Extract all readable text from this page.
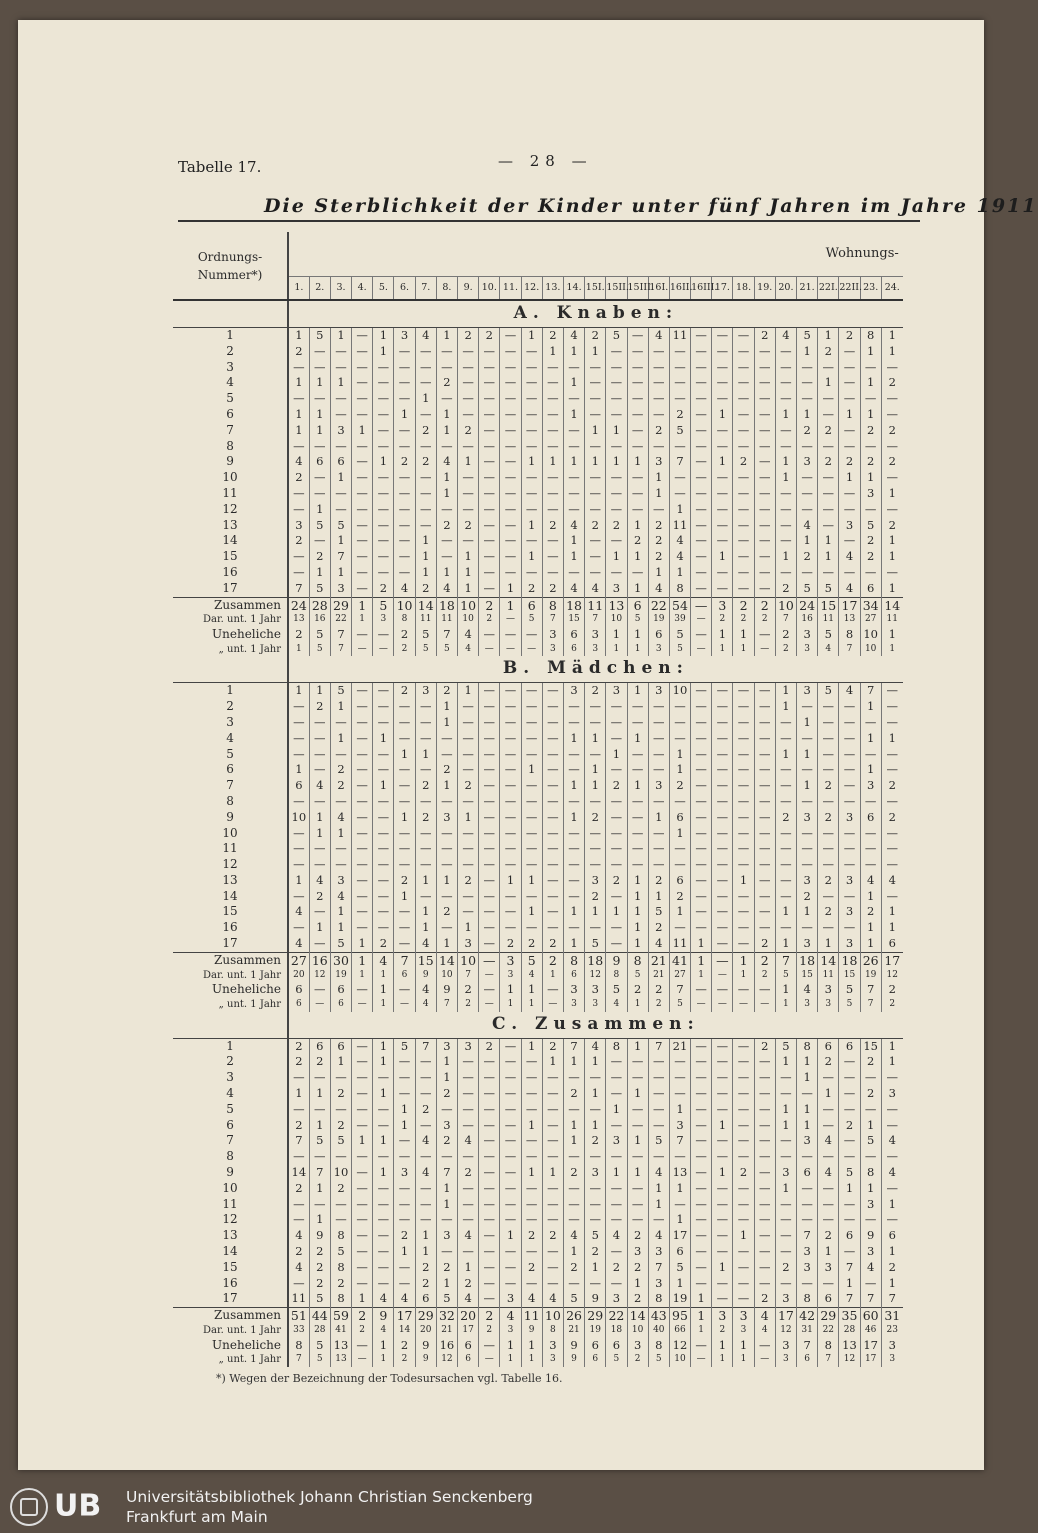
Tabelle 17.	— 28 —
Die Sterblichkeit der Kinder unter fünf Jahren im Jahre 1911
Ordnungs- Nummer*)	Wohnungs-																												
	1.	2.	3.	4.	5.	6.	7.	8.	9.	10.	11.	12.	13.	14.	15I.	15II.	15III.	16I.	16II.	16III.	17.	18.	19.	20.	21.	22I.	22II.	23.	24.
	A. Knaben:																												
1	1	5	1	—	1	3	4	1	2	2	—	1	2	4	2	5	—	4	11	—	—	—	2	4	5	1	2	8	1
2	2	—	—	—	1	—	—	—	—	—	—	—	1	1	1	—	—	—	—	—	—	—	—	—	1	2	—	1	1
3	—	—	—	—	—	—	—	—	—	—	—	—	—	—	—	—	—	—	—	—	—	—	—	—	—	—	—	—	—
4	1	1	1	—	—	—	—	2	—	—	—	—	—	1	—	—	—	—	—	—	—	—	—	—	—	1	—	1	2
5	—	—	—	—	—	—	1	—	—	—	—	—	—	—	—	—	—	—	—	—	—	—	—	—	—	—	—	—	—
6	1	1	—	—	—	1	—	1	—	—	—	—	—	1	—	—	—	—	2	—	1	—	—	1	1	—	1	1	—
7	1	1	3	1	—	—	2	1	2	—	—	—	—	—	1	1	—	2	5	—	—	—	—	—	2	2	—	2	2
8	—	—	—	—	—	—	—	—	—	—	—	—	—	—	—	—	—	—	—	—	—	—	—	—	—	—	—	—	—
9	4	6	6	—	1	2	2	4	1	—	—	1	1	1	1	1	1	3	7	—	1	2	—	1	3	2	2	2	2
10	2	—	1	—	—	—	—	1	—	—	—	—	—	—	—	—	—	1	—	—	—	—	—	1	—	—	1	1	—
11	—	—	—	—	—	—	—	1	—	—	—	—	—	—	—	—	—	1	—	—	—	—	—	—	—	—	—	3	1
12	—	1	—	—	—	—	—	—	—	—	—	—	—	—	—	—	—	—	1	—	—	—	—	—	—	—	—	—	—
13	3	5	5	—	—	—	—	2	2	—	—	1	2	4	2	2	1	2	11	—	—	—	—	—	4	—	3	5	2
14	2	—	1	—	—	—	1	—	—	—	—	—	—	1	—	—	2	2	4	—	—	—	—	—	1	1	—	2	1
15	—	2	7	—	—	—	1	—	1	—	—	1	—	1	—	1	1	2	4	—	1	—	—	1	2	1	4	2	1
16	—	1	1	—	—	—	1	1	1	—	—	—	—	—	—	—	—	1	1	—	—	—	—	—	—	—	—	—	—
17	7	5	3	—	2	4	2	4	1	—	1	2	2	4	4	3	1	4	8	—	—	—	—	2	5	5	4	6	1
Zusammen	24	28	29	1	5	10	14	18	10	2	1	6	8	18	11	13	6	22	54	—	3	2	2	10	24	15	17	34	14
Dar. unt. 1 Jahr	13	16	22	1	3	8	11	11	10	2	—	5	7	15	7	10	5	19	39	—	2	2	2	7	16	11	13	27	11
Uneheliche	2	5	7	—	—	2	5	7	4	—	—	—	3	6	3	1	1	6	5	—	1	1	—	2	3	5	8	10	1
„ unt. 1 Jahr	1	5	7	—	—	2	5	5	4	—	—	—	3	6	3	1	1	3	5	—	1	1	—	2	3	4	7	10	1
	B. Mädchen:																												
1	1	1	5	—	—	2	3	2	1	—	—	—	—	3	2	3	1	3	10	—	—	—	—	1	3	5	4	7	—
2	—	2	1	—	—	—	—	1	—	—	—	—	—	—	—	—	—	—	—	—	—	—	—	1	—	—	—	1	—
3	—	—	—	—	—	—	—	1	—	—	—	—	—	—	—	—	—	—	—	—	—	—	—	—	1	—	—	—	—
4	—	—	1	—	1	—	—	—	—	—	—	—	—	1	1	—	1	—	—	—	—	—	—	—	—	—	—	1	1
5	—	—	—	—	—	1	1	—	—	—	—	—	—	—	—	1	—	—	1	—	—	—	—	1	1	—	—	—	—
6	1	—	2	—	—	—	—	2	—	—	—	1	—	—	1	—	—	—	1	—	—	—	—	—	—	—	—	1	—
7	6	4	2	—	1	—	2	1	2	—	—	—	—	1	1	2	1	3	2	—	—	—	—	—	1	2	—	3	2
8	—	—	—	—	—	—	—	—	—	—	—	—	—	—	—	—	—	—	—	—	—	—	—	—	—	—	—	—	—
9	10	1	4	—	—	1	2	3	1	—	—	—	—	1	2	—	—	1	6	—	—	—	—	2	3	2	3	6	2
10	—	1	1	—	—	—	—	—	—	—	—	—	—	—	—	—	—	—	1	—	—	—	—	—	—	—	—	—	—
11	—	—	—	—	—	—	—	—	—	—	—	—	—	—	—	—	—	—	—	—	—	—	—	—	—	—	—	—	—
12	—	—	—	—	—	—	—	—	—	—	—	—	—	—	—	—	—	—	—	—	—	—	—	—	—	—	—	—	—
13	1	4	3	—	—	2	1	1	2	—	1	1	—	—	3	2	1	2	6	—	—	1	—	—	3	2	3	4	4
14	—	2	4	—	—	1	—	—	—	—	—	—	—	—	2	—	1	1	2	—	—	—	—	—	2	—	—	1	—
15	4	—	1	—	—	—	1	2	—	—	—	1	—	1	1	1	1	5	1	—	—	—	—	1	1	2	3	2	1
16	—	1	1	—	—	—	1	—	1	—	—	—	—	—	—	—	1	2	—	—	—	—	—	—	—	—	—	1	1
17	4	—	5	1	2	—	4	1	3	—	2	2	2	1	5	—	1	4	11	1	—	—	2	1	3	1	3	1	6
Zusammen	27	16	30	1	4	7	15	14	10	—	3	5	2	8	18	9	8	21	41	1	—	1	2	7	18	14	18	26	17
Dar. unt. 1 Jahr	20	12	19	1	1	6	9	10	7	—	3	4	1	6	12	8	5	21	27	1	—	1	2	5	15	11	15	19	12
Uneheliche	6	—	6	—	1	—	4	9	2	—	1	1	—	3	3	5	2	2	7	—	—	—	—	1	4	3	5	7	2
„ unt. 1 Jahr	6	—	6	—	1	—	4	7	2	—	1	1	—	3	3	4	1	2	5	—	—	—	—	1	3	3	5	7	2
	C. Zusammen:																												
1	2	6	6	—	1	5	7	3	3	2	—	1	2	7	4	8	1	7	21	—	—	—	2	5	8	6	6	15	1
2	2	2	1	—	1	—	—	1	—	—	—	—	1	1	1	—	—	—	—	—	—	—	—	1	1	2	—	2	1
3	—	—	—	—	—	—	—	1	—	—	—	—	—	—	—	—	—	—	—	—	—	—	—	—	1	—	—	—	—
4	1	1	2	—	1	—	—	2	—	—	—	—	—	2	1	—	1	—	—	—	—	—	—	—	—	1	—	2	3
5	—	—	—	—	—	1	2	—	—	—	—	—	—	—	—	1	—	—	1	—	—	—	—	1	1	—	—	—	—
6	2	1	2	—	—	1	—	3	—	—	—	1	—	1	1	—	—	—	3	—	1	—	—	1	1	—	2	1	—
7	7	5	5	1	1	—	4	2	4	—	—	—	—	1	2	3	1	5	7	—	—	—	—	—	3	4	—	5	4
8	—	—	—	—	—	—	—	—	—	—	—	—	—	—	—	—	—	—	—	—	—	—	—	—	—	—	—	—	—
9	14	7	10	—	1	3	4	7	2	—	—	1	1	2	3	1	1	4	13	—	1	2	—	3	6	4	5	8	4
10	2	1	2	—	—	—	—	1	—	—	—	—	—	—	—	—	—	1	1	—	—	—	—	1	—	—	1	1	—
11	—	—	—	—	—	—	—	1	—	—	—	—	—	—	—	—	—	1	—	—	—	—	—	—	—	—	—	3	1
12	—	1	—	—	—	—	—	—	—	—	—	—	—	—	—	—	—	—	1	—	—	—	—	—	—	—	—	—	—
13	4	9	8	—	—	2	1	3	4	—	1	2	2	4	5	4	2	4	17	—	—	1	—	—	7	2	6	9	6
14	2	2	5	—	—	1	1	—	—	—	—	—	—	1	2	—	3	3	6	—	—	—	—	—	3	1	—	3	1
15	4	2	8	—	—	—	2	2	1	—	—	2	—	2	1	2	2	7	5	—	1	—	—	2	3	3	7	4	2
16	—	2	2	—	—	—	2	1	2	—	—	—	—	—	—	—	1	3	1	—	—	—	—	—	—	—	1	—	1
17	11	5	8	1	4	4	6	5	4	—	3	4	4	5	9	3	2	8	19	1	—	—	2	3	8	6	7	7	7
Zusammen	51	44	59	2	9	17	29	32	20	2	4	11	10	26	29	22	14	43	95	1	3	3	4	17	42	29	35	60	31
Dar. unt. 1 Jahr	33	28	41	2	4	14	20	21	17	2	3	9	8	21	19	18	10	40	66	1	2	3	4	12	31	22	28	46	23
Uneheliche	8	5	13	—	1	2	9	16	6	—	1	1	3	9	6	6	3	8	12	—	1	1	—	3	7	8	13	17	3
„ unt. 1 Jahr	7	5	13	—	1	2	9	12	6	—	1	1	3	9	6	5	2	5	10	—	1	1	—	3	6	7	12	17	3
*) Wegen der Bezeichnung der Todesursachen vgl. Tabelle 16.
UB	Universitätsbibliothek Johann Christian Senckenberg
Frankfurt am Main
